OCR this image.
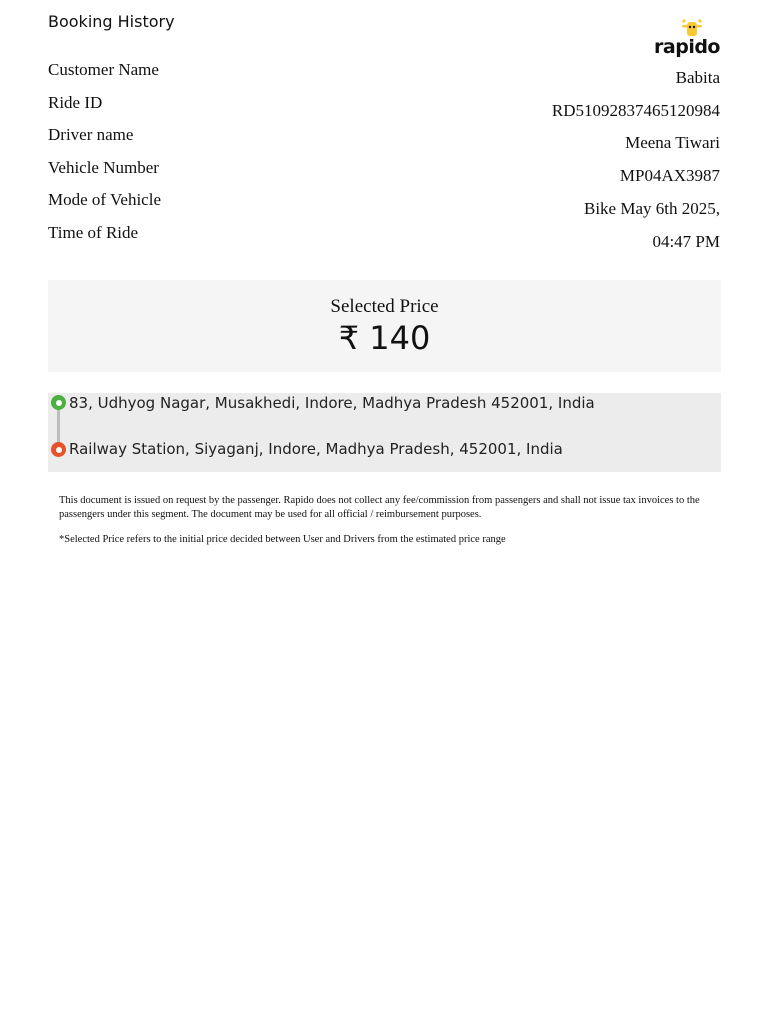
Booking History
rapido
Customer Name
Ride ID
Driver name
Vehicle Number
Mode of Vehicle
Time of Ride
Babita
RD51092837465120984
Meena Tiwari
MP04AX3987
Bike May 6th 2025, 04:47 PM
Selected Price
₹ 140
83, Udhyog Nagar, Musakhedi, Indore, Madhya Pradesh 452001, India
Railway Station, Siyaganj, Indore, Madhya Pradesh, 452001, India
This document is issued on request by the passenger. Rapido does not collect any fee/commission from passengers and shall not issue tax invoices to the passengers under this segment. The document may be used for all official / reimbursement purposes.
*Selected Price refers to the initial price decided between User and Drivers from the estimated price range
